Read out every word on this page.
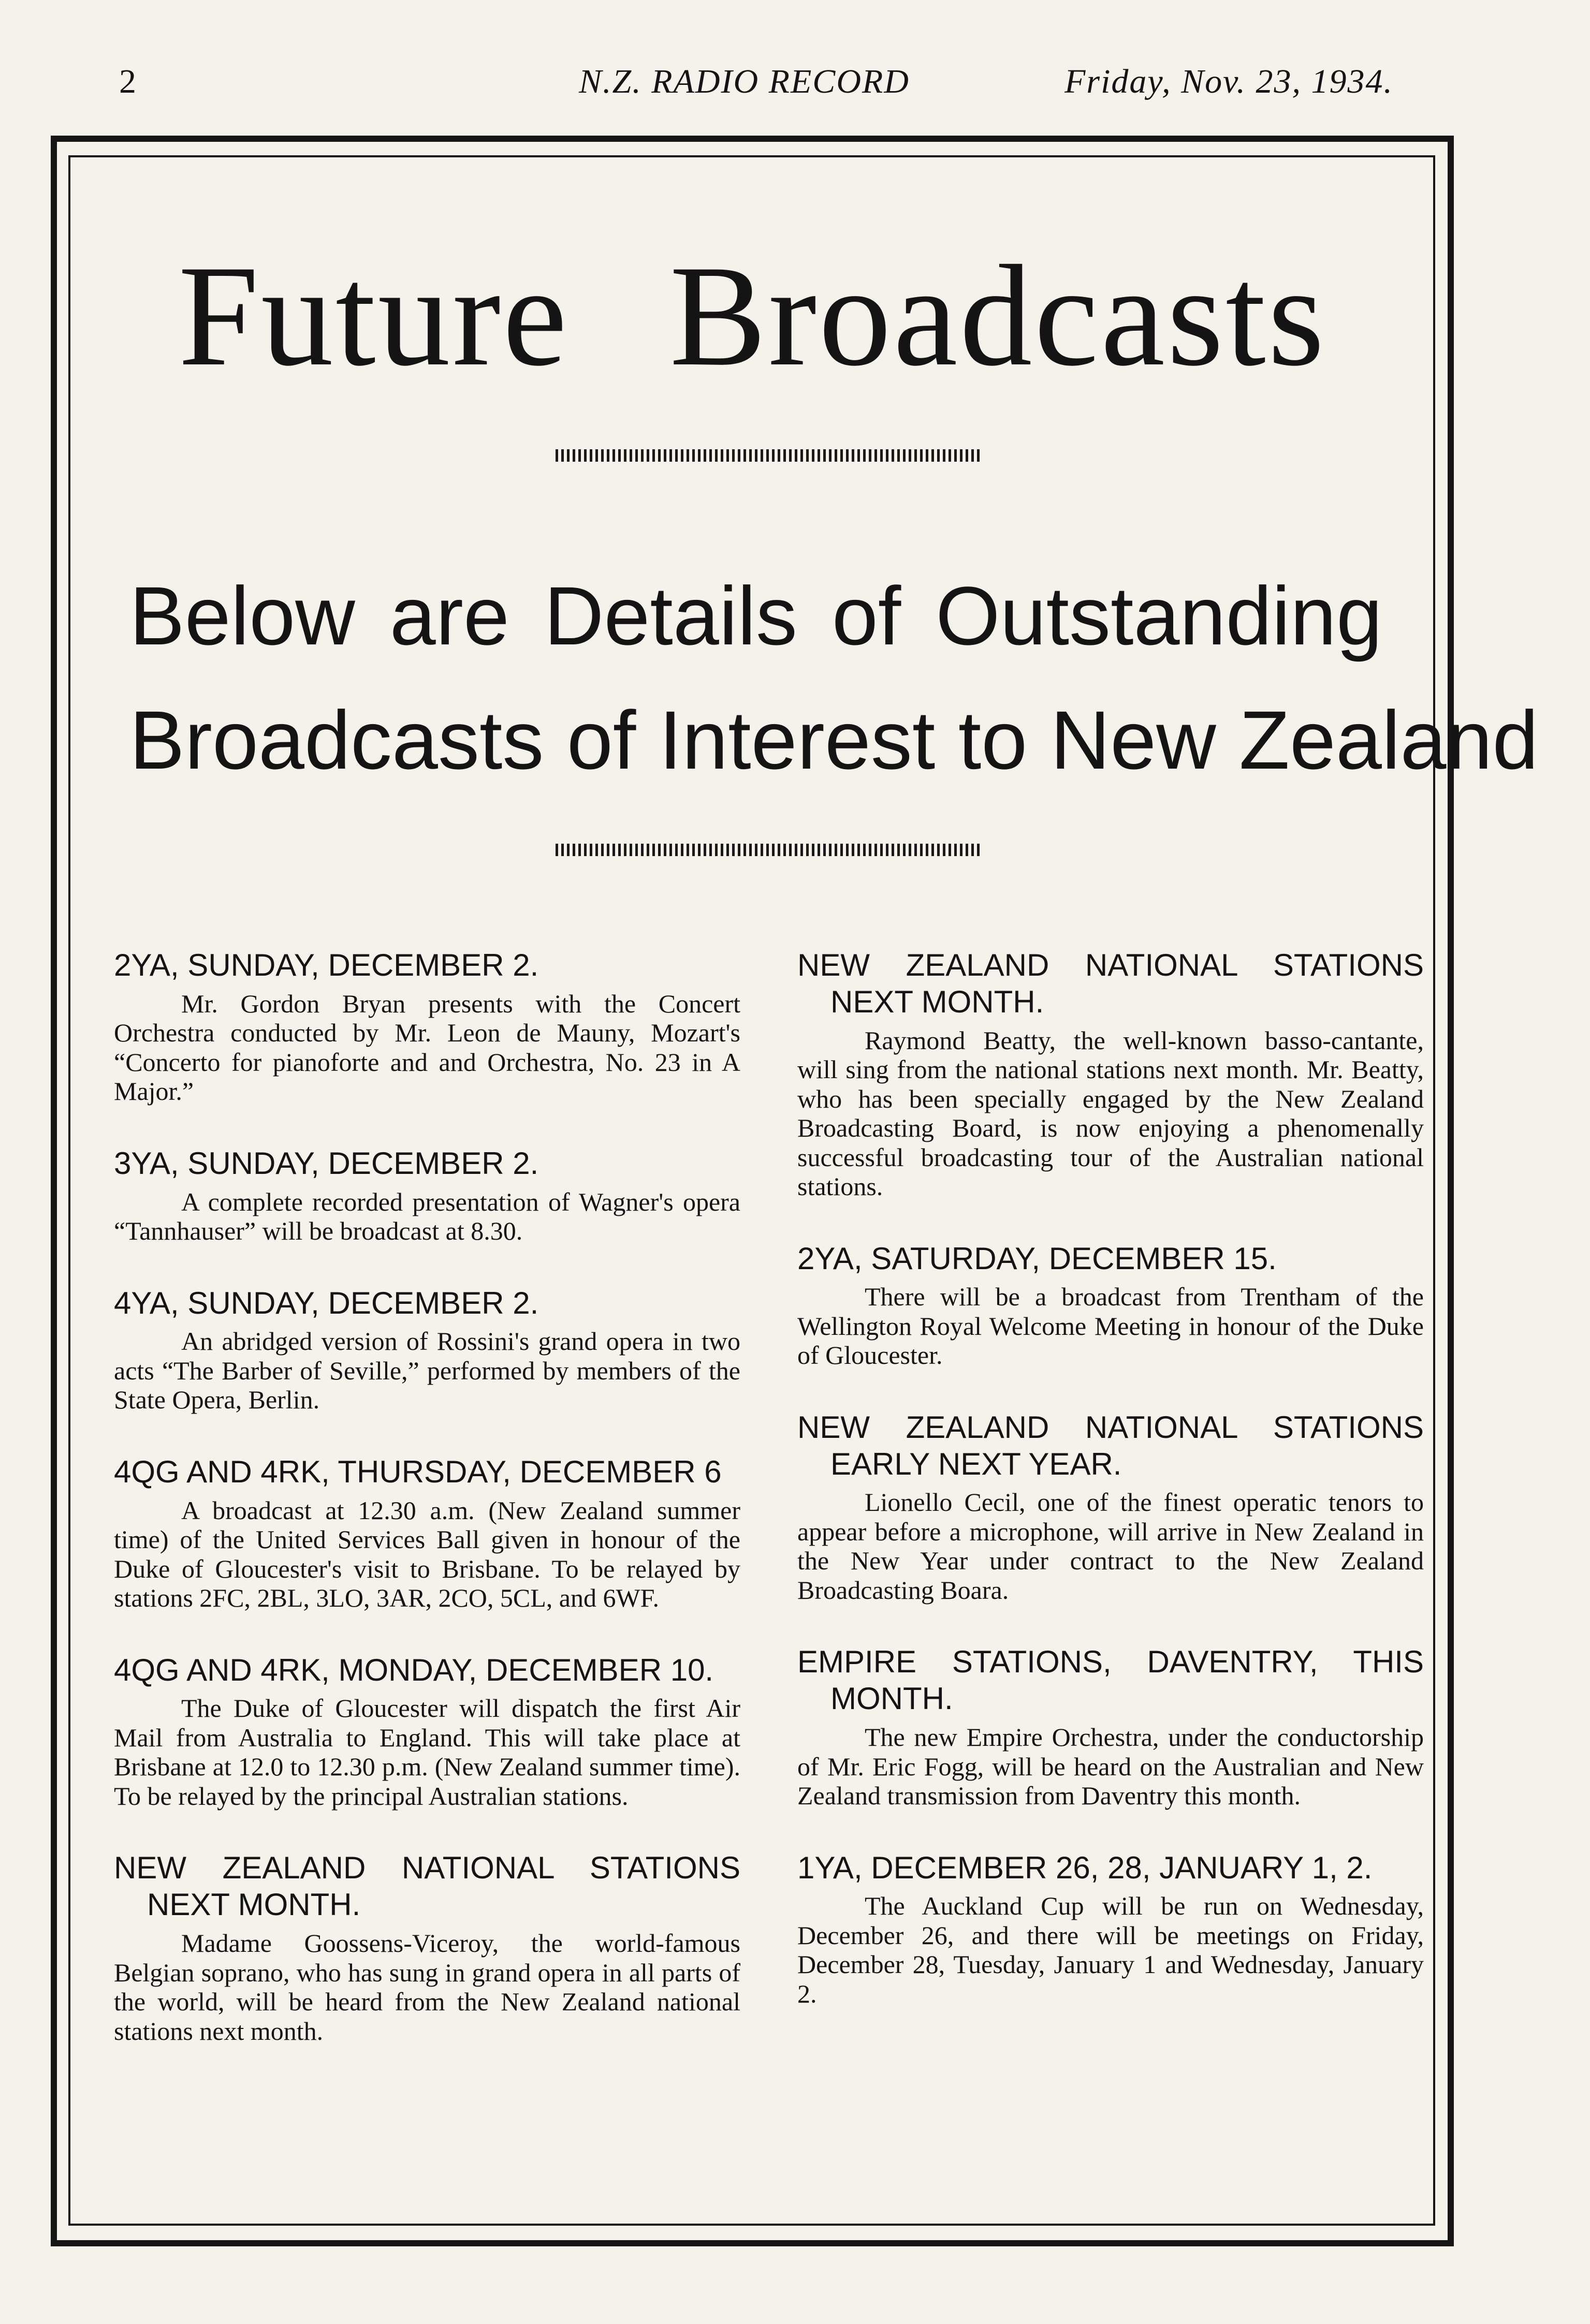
2	N.Z. RADIO RECORD	Friday, Nov. 23, 1934.
Future Broadcasts
Below are Details of Outstanding
Broadcasts of Interest to New Zealand
2YA, SUNDAY, DECEMBER 2.

Mr. Gordon Bryan presents with the Concert Orchestra conducted by Mr. Leon de Mauny, Mozart's “Concerto for pianoforte and and Orchestra, No. 23 in A Major.”

3YA, SUNDAY, DECEMBER 2.

A complete recorded presentation of Wagner's opera “Tannhauser” will be broadcast at 8.30.

4YA, SUNDAY, DECEMBER 2.

An abridged version of Rossini's grand opera in two acts “The Barber of Seville,” performed by members of the State Opera, Berlin.

4QG AND 4RK, THURSDAY, DECEMBER 6

A broadcast at 12.30 a.m. (New Zealand summer time) of the United Services Ball given in honour of the Duke of Gloucester's visit to Brisbane. To be relayed by stations 2FC, 2BL, 3LO, 3AR, 2CO, 5CL, and 6WF.

4QG AND 4RK, MONDAY, DECEMBER 10.

The Duke of Gloucester will dispatch the first Air Mail from Australia to England. This will take place at Brisbane at 12.0 to 12.30 p.m. (New Zealand summer time). To be relayed by the principal Australian stations.

NEW ZEALAND NATIONAL STATIONS
NEXT MONTH.

Madame Goossens-Viceroy, the world-famous Belgian soprano, who has sung in grand opera in all parts of the world, will be heard from the New Zealand national stations next month.

NEW ZEALAND NATIONAL STATIONS
NEXT MONTH.

Raymond Beatty, the well-known basso-cantante, will sing from the national stations next month. Mr. Beatty, who has been specially engaged by the New Zealand Broadcasting Board, is now enjoying a phenomenally successful broadcasting tour of the Australian national stations.

2YA, SATURDAY, DECEMBER 15.

There will be a broadcast from Trentham of the Wellington Royal Welcome Meeting in honour of the Duke of Gloucester.

NEW ZEALAND NATIONAL STATIONS
EARLY NEXT YEAR.

Lionello Cecil, one of the finest operatic tenors to appear before a microphone, will arrive in New Zealand in the New Year under contract to the New Zealand Broadcasting Boara.

EMPIRE STATIONS, DAVENTRY, THIS
MONTH.

The new Empire Orchestra, under the conductorship of Mr. Eric Fogg, will be heard on the Australian and New Zealand transmission from Daventry this month.

1YA, DECEMBER 26, 28, JANUARY 1, 2.

The Auckland Cup will be run on Wednesday, December 26, and there will be meetings on Friday, December 28, Tuesday, January 1 and Wednesday, January 2.
